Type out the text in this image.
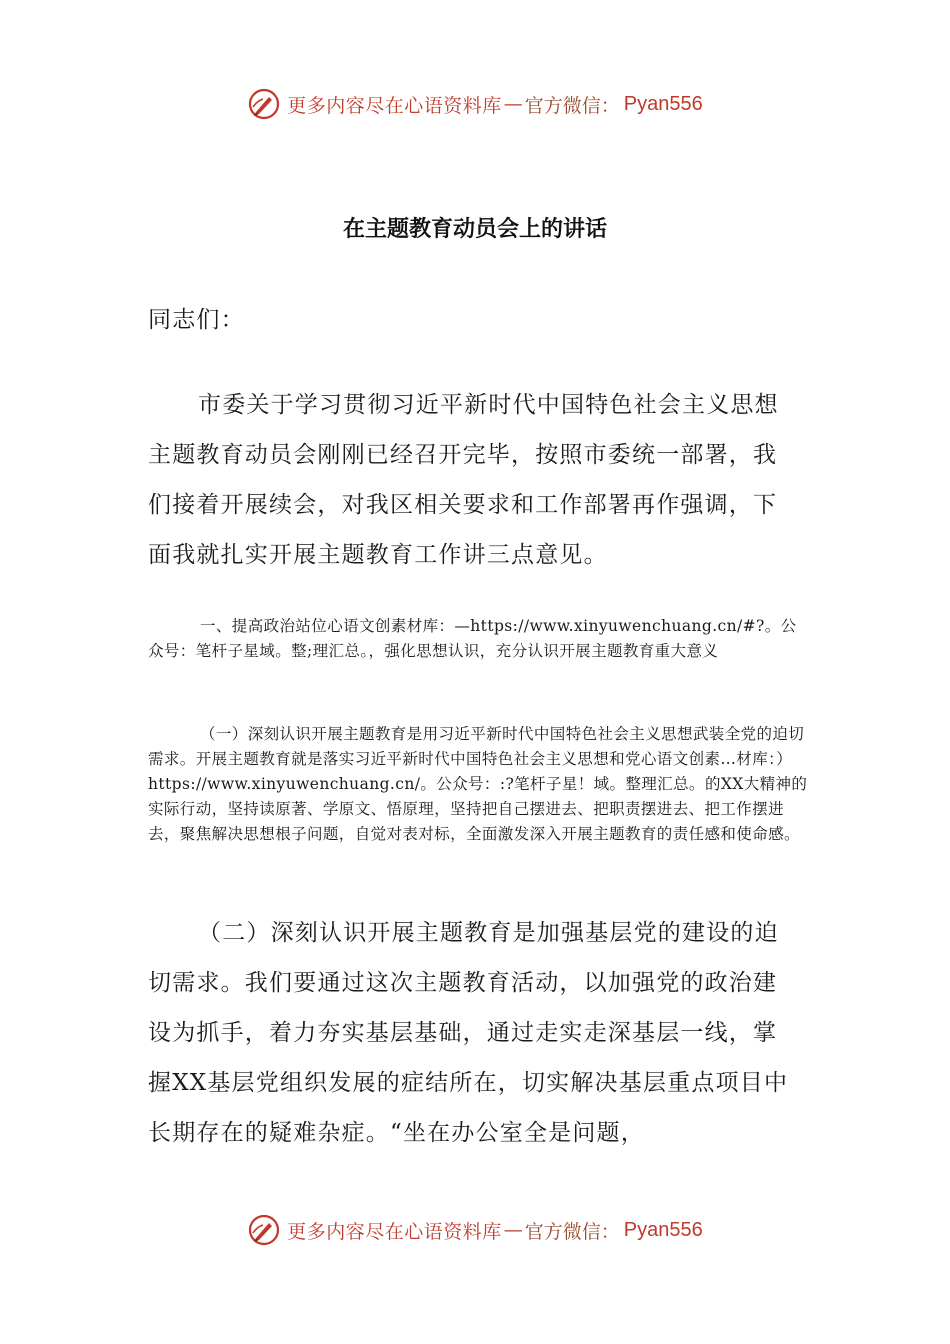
更多内容尽在心语资料库 — 官方微信： Pyan556
在主题教育动员会上的讲话

同志们：

市委关于学习贯彻习近平新时代中国特色社会主义思想主题教育动员会刚刚已经召开完毕，按照市委统一部署，我们接着开展续会，对我区相关要求和工作部署再作强调，下面我就扎实开展主题教育工作讲三点意见。

一、提高政治站位心语文创素材库：—https://www.xinyuwenchuang.cn/#?。公众号：笔杆子星域。整;理汇总。，强化思想认识，充分认识开展主题教育重大意义

（一）深刻认识开展主题教育是用习近平新时代中国特色社会主义思想武装全党的迫切需求。开展主题教育就是落实习近平新时代中国特色社会主义思想和党心语文创素…材库：）https://www.xinyuwenchuang.cn/。公众号：:?笔杆子星！域。整理汇总。的XX大精神的实际行动，坚持读原著、学原文、悟原理，坚持把自己摆进去、把职责摆进去、把工作摆进去，聚焦解决思想根子问题，自觉对表对标，全面激发深入开展主题教育的责任感和使命感。

（二）深刻认识开展主题教育是加强基层党的建设的迫切需求。我们要通过这次主题教育活动，以加强党的政治建设为抓手，着力夯实基层基础，通过走实走深基层一线，掌握XX基层党组织发展的症结所在，切实解决基层重点项目中长期存在的疑难杂症。“坐在办公室全是问题，

更多内容尽在心语资料库 — 官方微信： Pyan556
